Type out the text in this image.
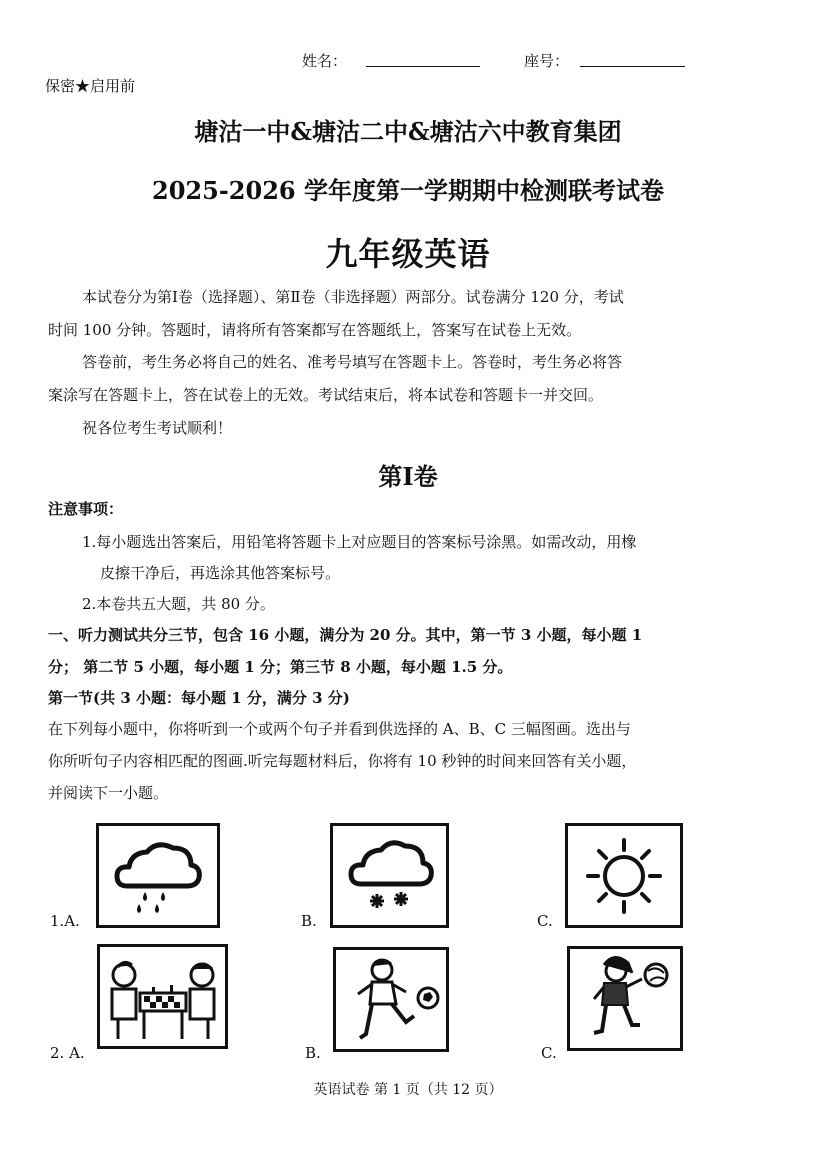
姓名：	座号：
保密★启用前
塘沽一中&塘沽二中&塘沽六中教育集团
2025-2026 学年度第一学期期中检测联考试卷
九年级英语
本试卷分为第Ⅰ卷（选择题）、第Ⅱ卷（非选择题）两部分。试卷满分 120 分，考试
时间 100 分钟。答题时，请将所有答案都写在答题纸上，答案写在试卷上无效。
答卷前，考生务必将自己的姓名、准考号填写在答题卡上。答卷时，考生务必将答
案涂写在答题卡上，答在试卷上的无效。考试结束后，将本试卷和答题卡一并交回。
祝各位考生考试顺利！
第Ⅰ卷
注意事项：
1.每小题选出答案后，用铅笔将答题卡上对应题目的答案标号涂黑。如需改动，用橡
皮擦干净后，再选涂其他答案标号。
2.本卷共五大题，共 80 分。
一、听力测试共分三节，包含 16 小题，满分为 20 分。其中，第一节 3 小题，每小题 1
分； 第二节 5 小题，每小题 1 分；第三节 8 小题，每小题 1.5 分。
第一节(共 3 小题：每小题 1 分，满分 3 分)
在下列每小题中，你将听到一个或两个句子并看到供选择的 A、B、C 三幅图画。选出与
你所听句子内容相匹配的图画.听完每题材料后，你将有 10 秒钟的时间来回答有关小题，
并阅读下一小题。
1.A.	B.	C.
2. A.	B.	C.
英语试卷 第 1 页（共 12 页）
